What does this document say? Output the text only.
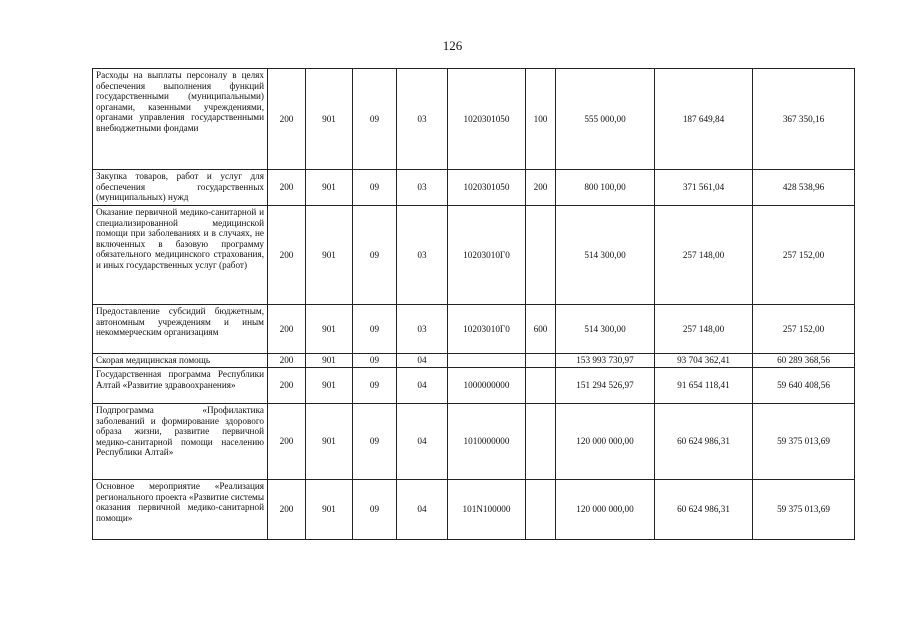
126
Расходы на выплаты персоналу в целях обеспечения выполнения функций государственными (муниципальными) органами, казенными учреждениями, органами управления государственными внебюджетными фондами	200	901	09	03	1020301050	100	555 000,00	187 649,84	367 350,16
Закупка товаров, работ и услуг для обеспечения государственных (муниципальных) нужд	200	901	09	03	1020301050	200	800 100,00	371 561,04	428 538,96
Оказание первичной медико-санитарной и специализированной медицинской помощи при заболеваниях и в случаях, не включенных в базовую программу обязательного медицинского страхования, и иных государственных услуг (работ)	200	901	09	03	10203010Г0		514 300,00	257 148,00	257 152,00
Предоставление субсидий бюджетным, автономным учреждениям и иным некоммерческим организациям	200	901	09	03	10203010Г0	600	514 300,00	257 148,00	257 152,00
Скорая медицинская помощь	200	901	09	04			153 993 730,97	93 704 362,41	60 289 368,56
Государственная программа Республики Алтай «Развитие здравоохранения»	200	901	09	04	1000000000		151 294 526,97	91 654 118,41	59 640 408,56
Подпрограмма «Профилактика заболеваний и формирование здорового образа жизни, развитие первичной медико-санитарной помощи населению Республики Алтай»	200	901	09	04	1010000000		120 000 000,00	60 624 986,31	59 375 013,69
Основное мероприятие «Реализация регионального проекта «Развитие системы оказания первичной медико-санитарной помощи»	200	901	09	04	101N100000		120 000 000,00	60 624 986,31	59 375 013,69
